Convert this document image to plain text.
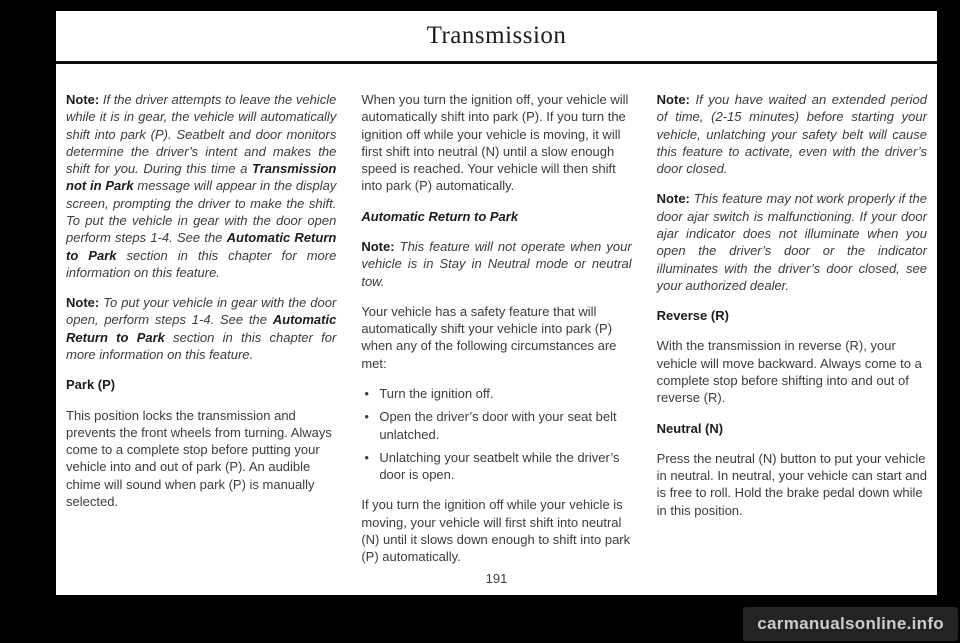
Transmission

Note: If the driver attempts to leave the vehicle while it is in gear, the vehicle will automatically shift into park (P). Seatbelt and door monitors determine the driver’s intent and makes the shift for you. During this time a Transmission not in Park message will appear in the display screen, prompting the driver to make the shift. To put the vehicle in gear with the door open perform steps 1-4. See the Automatic Return to Park section in this chapter for more information on this feature.

Note: To put your vehicle in gear with the door open, perform steps 1-4. See the Automatic Return to Park section in this chapter for more information on this feature.

Park (P)

This position locks the transmission and prevents the front wheels from turning. Always come to a complete stop before putting your vehicle into and out of park (P). An audible chime will sound when park (P) is manually selected.

When you turn the ignition off, your vehicle will automatically shift into park (P). If you turn the ignition off while your vehicle is moving, it will first shift into neutral (N) until a slow enough speed is reached. Your vehicle will then shift into park (P) automatically.

Automatic Return to Park

Note: This feature will not operate when your vehicle is in Stay in Neutral mode or neutral tow.

Your vehicle has a safety feature that will automatically shift your vehicle into park (P) when any of the following circumstances are met:

• Turn the ignition off.
• Open the driver’s door with your seat belt unlatched.
• Unlatching your seatbelt while the driver’s door is open.

If you turn the ignition off while your vehicle is moving, your vehicle will first shift into neutral (N) until it slows down enough to shift into park (P) automatically.

Note: If you have waited an extended period of time, (2-15 minutes) before starting your vehicle, unlatching your safety belt will cause this feature to activate, even with the driver’s door closed.

Note: This feature may not work properly if the door ajar switch is malfunctioning. If your door ajar indicator does not illuminate when you open the driver’s door or the indicator illuminates with the driver’s door closed, see your authorized dealer.

Reverse (R)

With the transmission in reverse (R), your vehicle will move backward. Always come to a complete stop before shifting into and out of reverse (R).

Neutral (N)

Press the neutral (N) button to put your vehicle in neutral. In neutral, your vehicle can start and is free to roll. Hold the brake pedal down while in this position.

191
carmanualsonline.info
